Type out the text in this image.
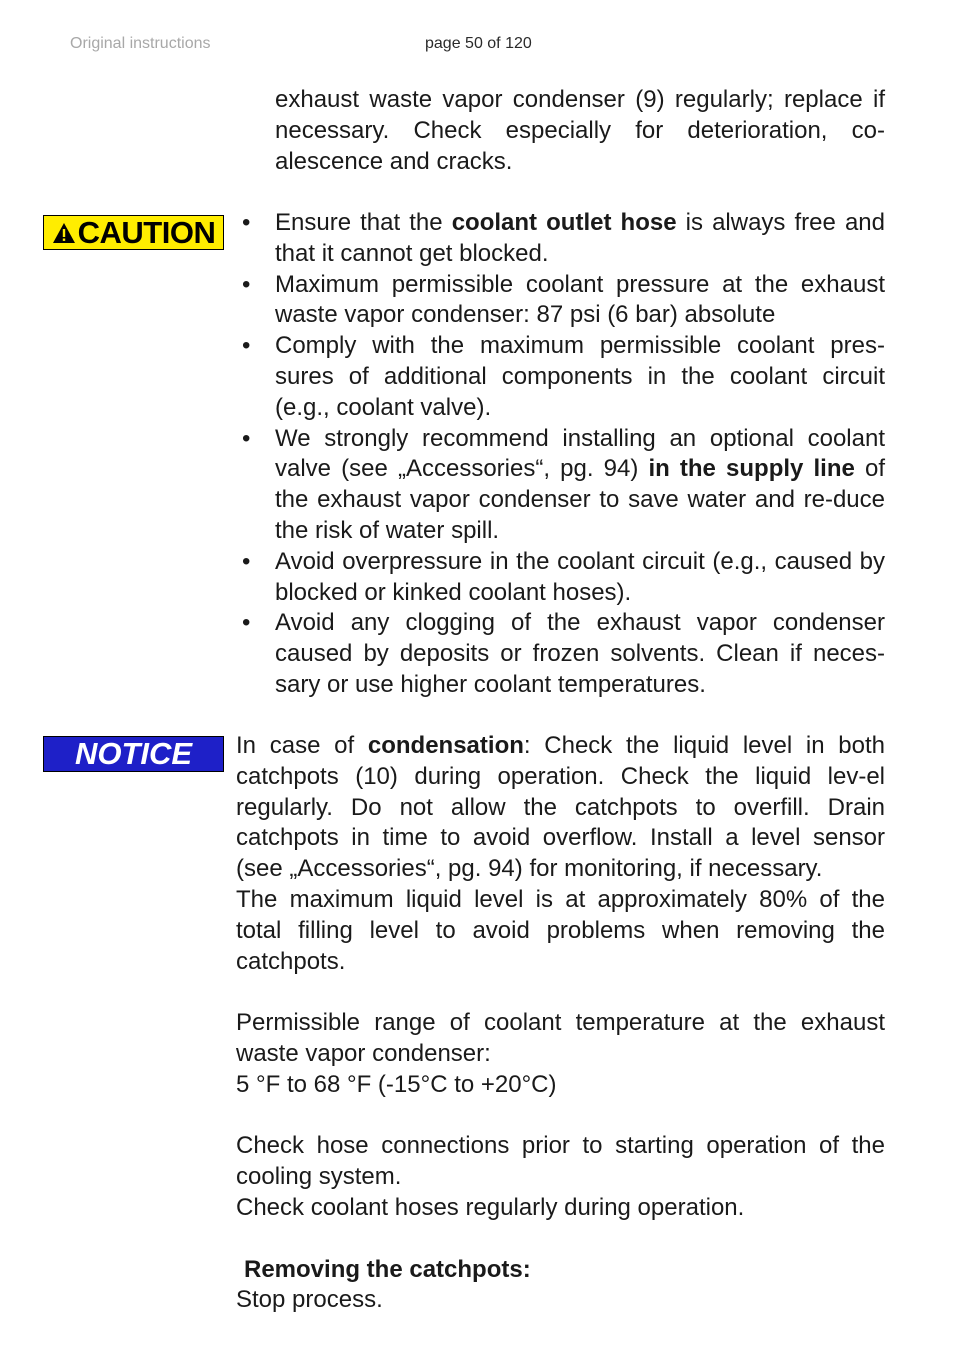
Original instructions	page 50 of 120

exhaust waste vapor condenser (9) regularly; replace if necessary. Check especially for deterioration, co-alescence and cracks.

CAUTION
•	Ensure that the coolant outlet hose is always free and that it cannot get blocked.
• Maximum permissible coolant pressure at the exhaust waste vapor condenser: 87 psi (6 bar) absolute
• Comply with the maximum permissible coolant pres-sures of additional components in the coolant circuit (e.g., coolant valve).
• We strongly recommend installing an optional coolant valve (see „Accessories“, pg. 94) in the supply line of the exhaust vapor condenser to save water and re-duce the risk of water spill.
• Avoid overpressure in the coolant circuit (e.g., caused by blocked or kinked coolant hoses).
• Avoid any clogging of the exhaust vapor condenser caused by deposits or frozen solvents. Clean if neces-sary or use higher coolant temperatures.
NOTICE In case of condensation: Check the liquid level in both catchpots (10) during operation. Check the liquid lev-el regularly. Do not allow the catchpots to overfill. Drain catchpots in time to avoid overflow. Install a level sensor (see „Accessories“, pg. 94) for monitoring, if necessary.
The maximum liquid level is at approximately 80% of the total filling level to avoid problems when removing the catchpots.
Permissible range of coolant temperature at the exhaust waste vapor condenser:
5 °F to 68 °F (-15°C to +20°C)
Check hose connections prior to starting operation of the cooling system.
Check coolant hoses regularly during operation.
Removing the catchpots:
Stop process.
